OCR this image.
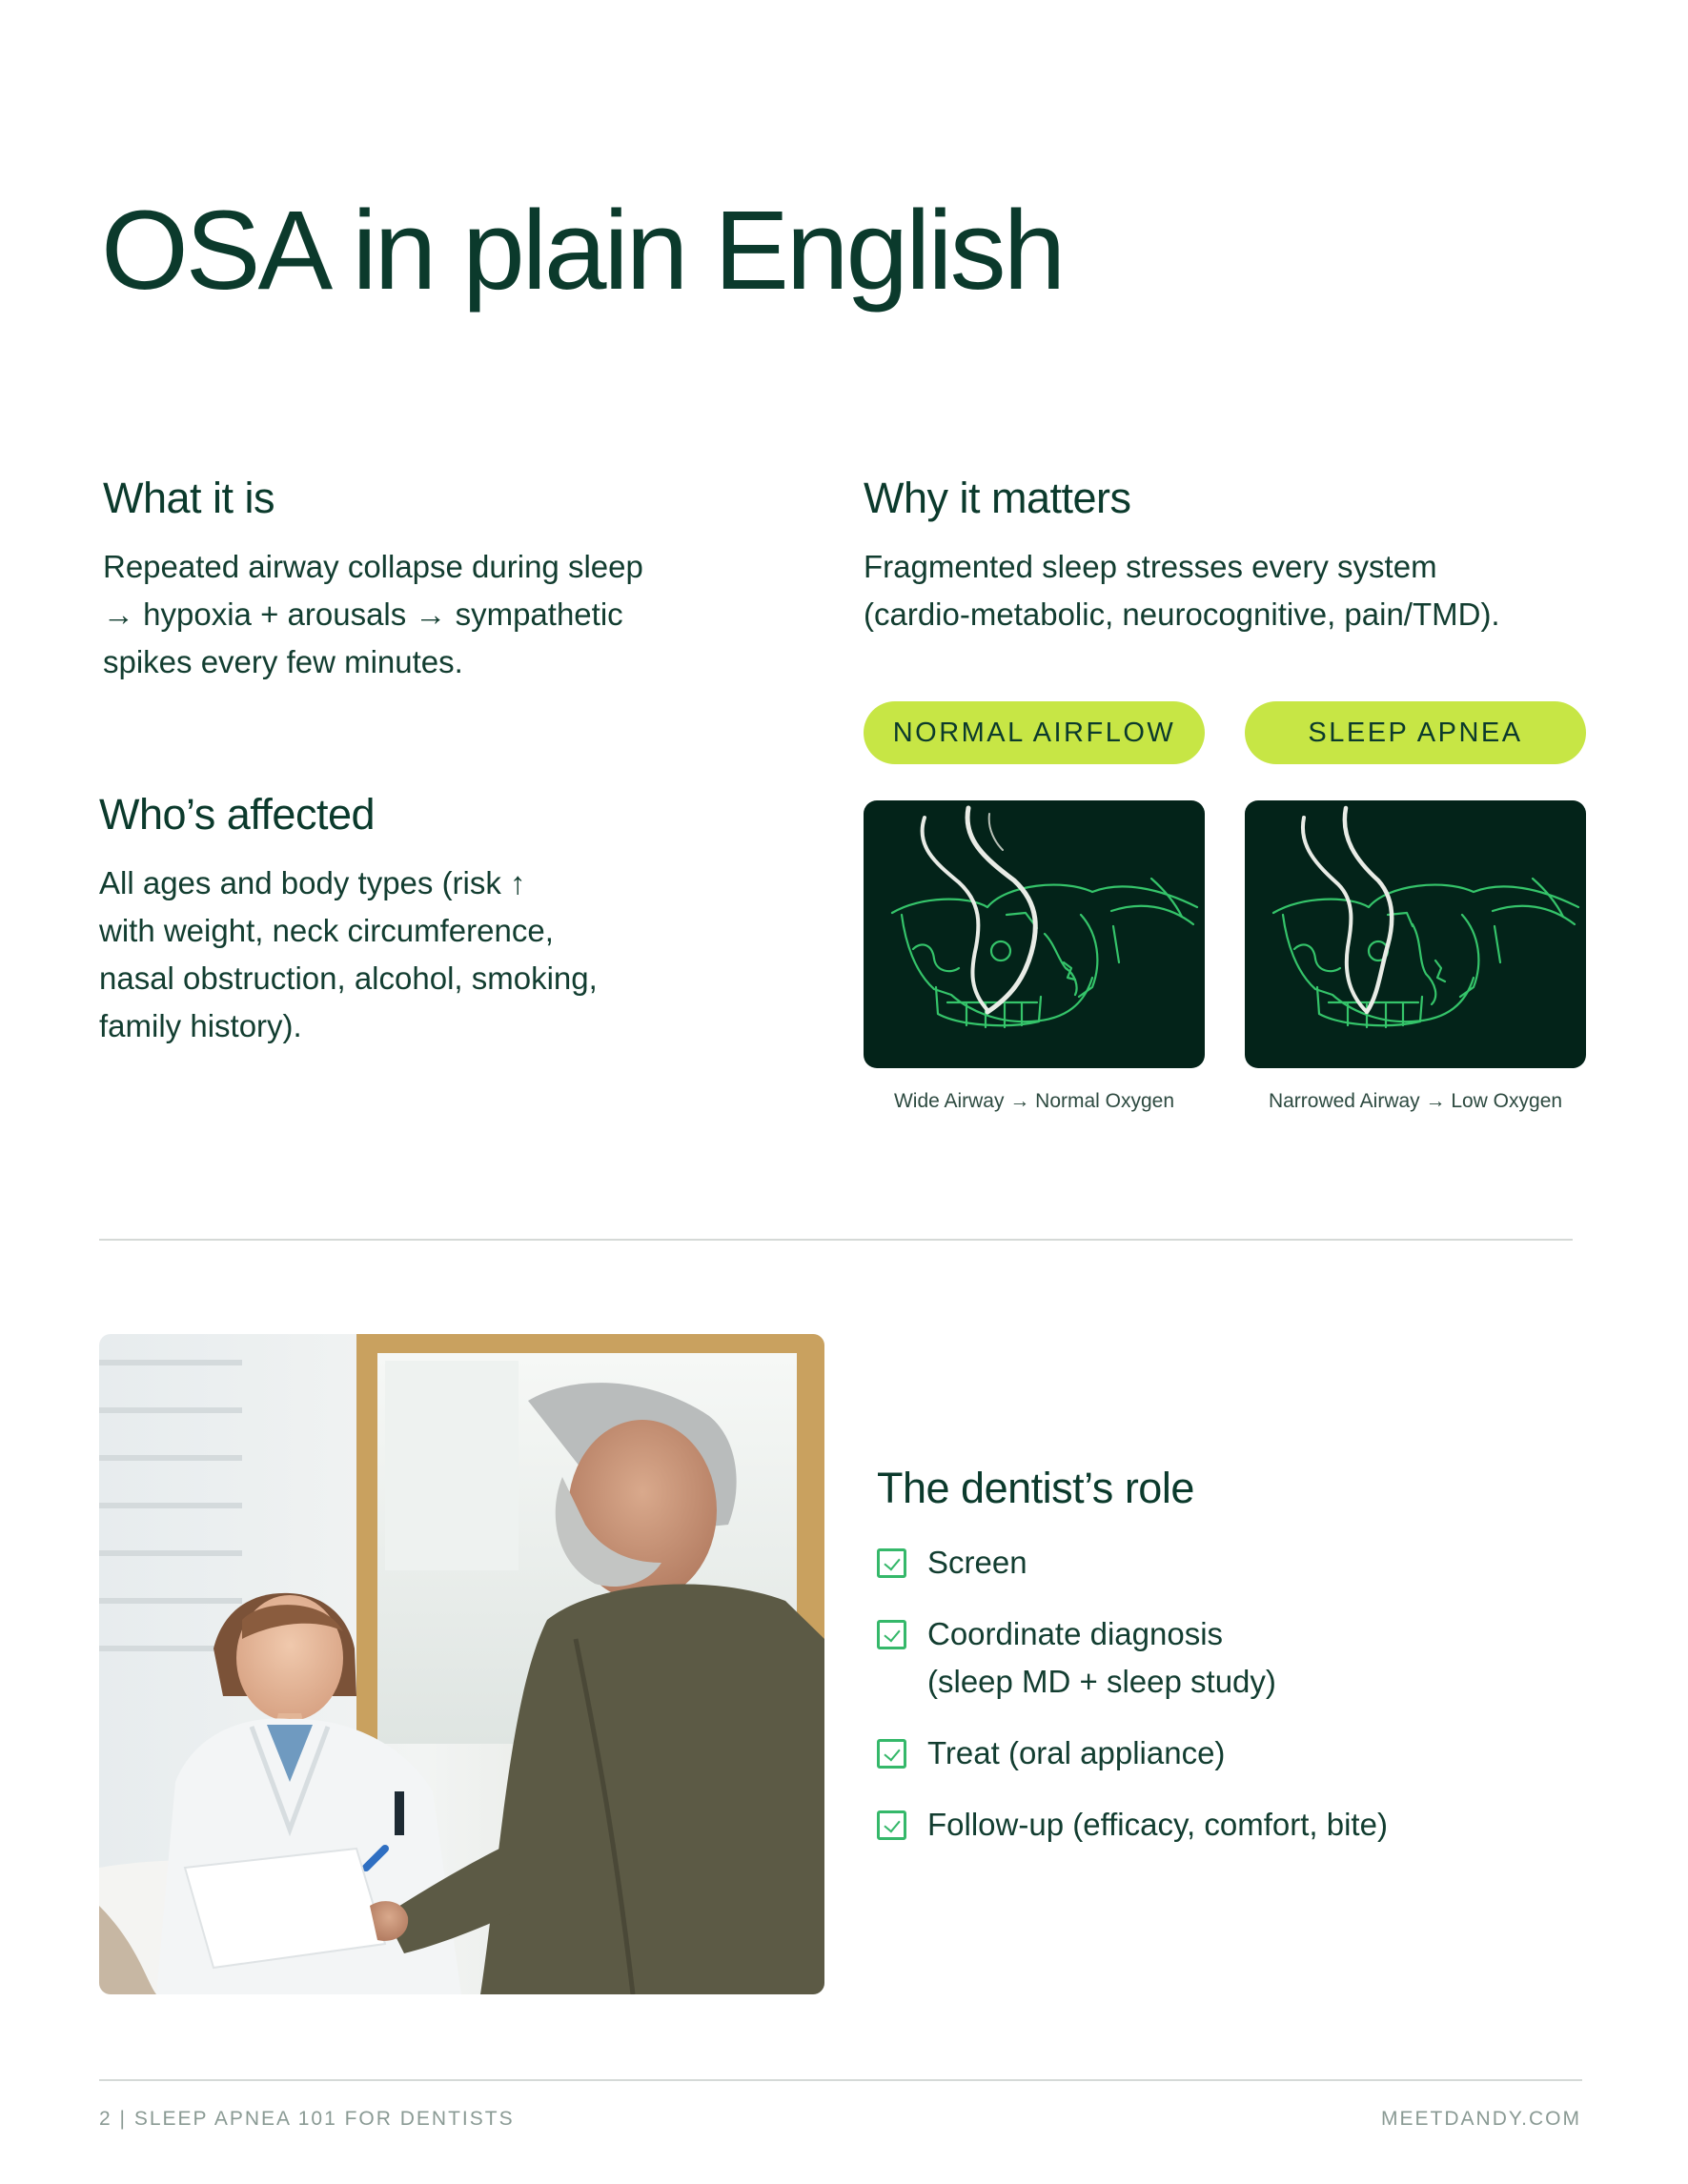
OSA in plain English
What it is

Repeated airway collapse during sleep

→ hypoxia + arousals → sympathetic

spikes every few minutes.

Why it matters

Fragmented sleep stresses every system

(cardio-metabolic, neurocognitive, pain/TMD).

Who’s affected

All ages and body types (risk ↑

with weight, neck circumference,

nasal obstruction, alcohol, smoking,

family history).

NORMAL AIRFLOW	SLEEP APNEA
Wide Airway → Normal Oxygen	Narrowed Airway → Low Oxygen
The dentist’s role
Screen
Coordinate diagnosis
(sleep MD + sleep study)
Treat (oral appliance)
Follow-up (efficacy, comfort, bite)
2 | SLEEP APNEA 101 FOR DENTISTS	MEETDANDY.COM
